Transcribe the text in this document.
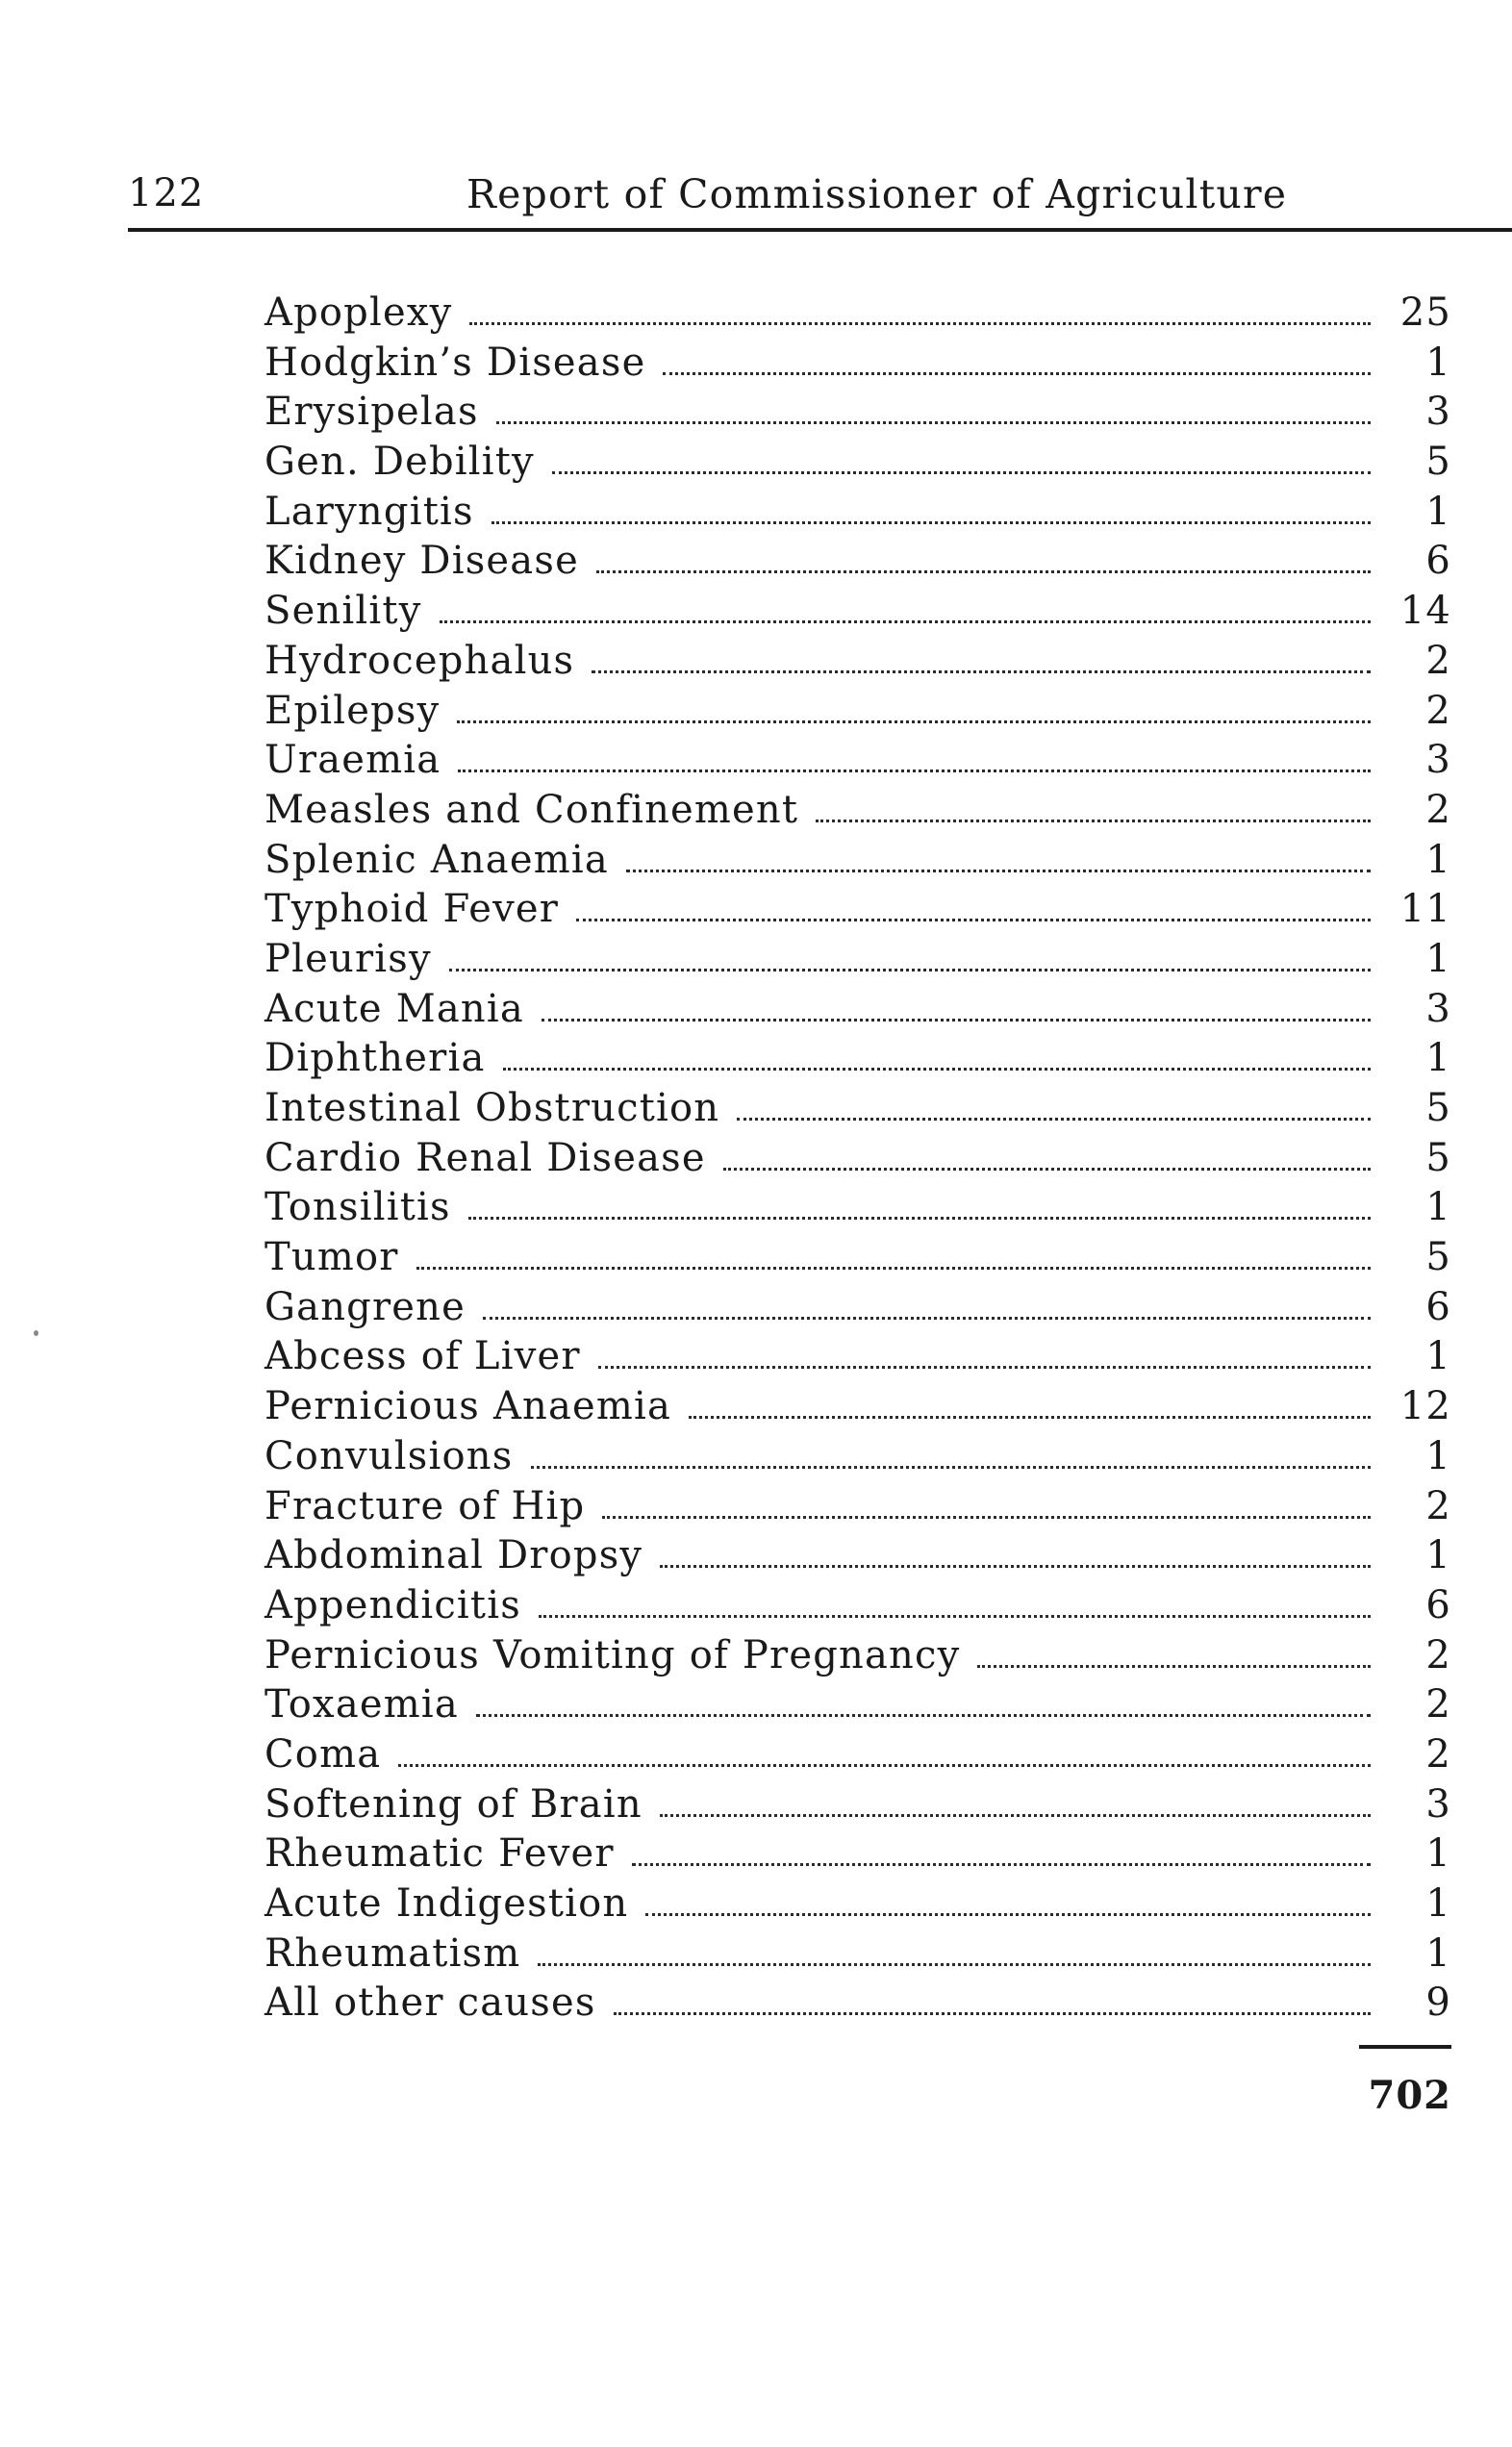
122	Report of Commissioner of Agriculture
Apoplexy	25
Hodgkin’s Disease	1
Erysipelas	3
Gen. Debility	5
Laryngitis	1
Kidney Disease	6
Senility	14
Hydrocephalus	2
Epilepsy	2
Uraemia	3
Measles and Confinement	2
Splenic Anaemia	1
Typhoid Fever	11
Pleurisy	1
Acute Mania	3
Diphtheria	1
Intestinal Obstruction	5
Cardio Renal Disease	5
Tonsilitis	1
Tumor	5
Gangrene	6
Abcess of Liver	1
Pernicious Anaemia	12
Convulsions	1
Fracture of Hip	2
Abdominal Dropsy	1
Appendicitis	6
Pernicious Vomiting of Pregnancy	2
Toxaemia	2
Coma	2
Softening of Brain	3
Rheumatic Fever	1
Acute Indigestion	1
Rheumatism	1
All other causes	9
702
